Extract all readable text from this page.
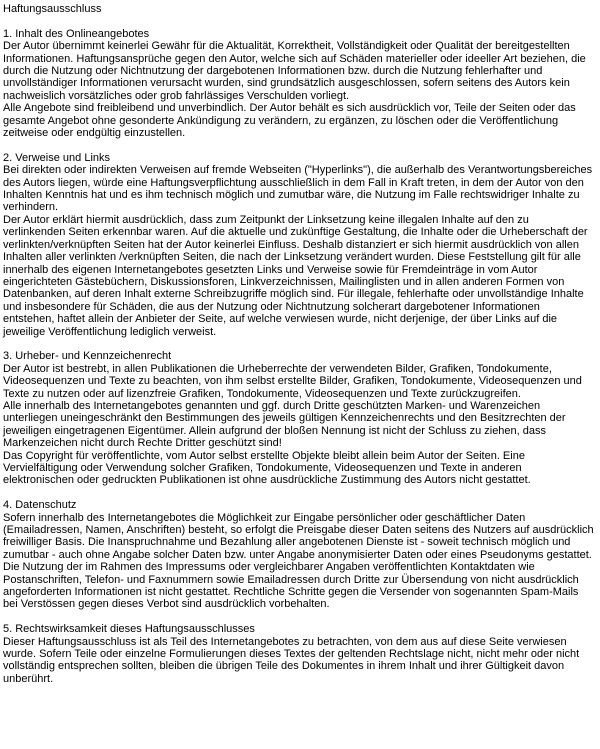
Haftungsausschluss
1. Inhalt des Onlineangebotes

Der Autor übernimmt keinerlei Gewähr für die Aktualität, Korrektheit, Vollständigkeit oder Qualität der bereitgestellten Informationen. Haftungsansprüche gegen den Autor, welche sich auf Schäden materieller oder ideeller Art beziehen, die durch die Nutzung oder Nichtnutzung der dargebotenen Informationen bzw. durch die Nutzung fehlerhafter und unvollständiger Informationen verursacht wurden, sind grundsätzlich ausgeschlossen, sofern seitens des Autors kein nachweislich vorsätzliches oder grob fahrlässiges Verschulden vorliegt.

Alle Angebote sind freibleibend und unverbindlich. Der Autor behält es sich ausdrücklich vor, Teile der Seiten oder das gesamte Angebot ohne gesonderte Ankündigung zu verändern, zu ergänzen, zu löschen oder die Veröffentlichung zeitweise oder endgültig einzustellen.

2. Verweise und Links

Bei direkten oder indirekten Verweisen auf fremde Webseiten ("Hyperlinks"), die außerhalb des Verantwortungsbereiches des Autors liegen, würde eine Haftungsverpflichtung ausschließlich in dem Fall in Kraft treten, in dem der Autor von den Inhalten Kenntnis hat und es ihm technisch möglich und zumutbar wäre, die Nutzung im Falle rechtswidriger Inhalte zu verhindern.

Der Autor erklärt hiermit ausdrücklich, dass zum Zeitpunkt der Linksetzung keine illegalen Inhalte auf den zu verlinkenden Seiten erkennbar waren. Auf die aktuelle und zukünftige Gestaltung, die Inhalte oder die Urheberschaft der verlinkten/verknüpften Seiten hat der Autor keinerlei Einfluss. Deshalb distanziert er sich hiermit ausdrücklich von allen Inhalten aller verlinkten /verknüpften Seiten, die nach der Linksetzung verändert wurden. Diese Feststellung gilt für alle innerhalb des eigenen Internetangebotes gesetzten Links und Verweise sowie für Fremdeinträge in vom Autor eingerichteten Gästebüchern, Diskussionsforen, Linkverzeichnissen, Mailinglisten und in allen anderen Formen von Datenbanken, auf deren Inhalt externe Schreibzugriffe möglich sind. Für illegale, fehlerhafte oder unvollständige Inhalte und insbesondere für Schäden, die aus der Nutzung oder Nichtnutzung solcherart dargebotener Informationen entstehen, haftet allein der Anbieter der Seite, auf welche verwiesen wurde, nicht derjenige, der über Links auf die jeweilige Veröffentlichung lediglich verweist.

3. Urheber- und Kennzeichenrecht

Der Autor ist bestrebt, in allen Publikationen die Urheberrechte der verwendeten Bilder, Grafiken, Tondokumente, Videosequenzen und Texte zu beachten, von ihm selbst erstellte Bilder, Grafiken, Tondokumente, Videosequenzen und Texte zu nutzen oder auf lizenzfreie Grafiken, Tondokumente, Videosequenzen und Texte zurückzugreifen.

Alle innerhalb des Internetangebotes genannten und ggf. durch Dritte geschützten Marken- und Warenzeichen unterliegen uneingeschränkt den Bestimmungen des jeweils gültigen Kennzeichenrechts und den Besitzrechten der jeweiligen eingetragenen Eigentümer. Allein aufgrund der bloßen Nennung ist nicht der Schluss zu ziehen, dass Markenzeichen nicht durch Rechte Dritter geschützt sind!

Das Copyright für veröffentlichte, vom Autor selbst erstellte Objekte bleibt allein beim Autor der Seiten. Eine Vervielfältigung oder Verwendung solcher Grafiken, Tondokumente, Videosequenzen und Texte in anderen elektronischen oder gedruckten Publikationen ist ohne ausdrückliche Zustimmung des Autors nicht gestattet.

4. Datenschutz

Sofern innerhalb des Internetangebotes die Möglichkeit zur Eingabe persönlicher oder geschäftlicher Daten (Emailadressen, Namen, Anschriften) besteht, so erfolgt die Preisgabe dieser Daten seitens des Nutzers auf ausdrücklich freiwilliger Basis. Die Inanspruchnahme und Bezahlung aller angebotenen Dienste ist - soweit technisch möglich und zumutbar - auch ohne Angabe solcher Daten bzw. unter Angabe anonymisierter Daten oder eines Pseudonyms gestattet. Die Nutzung der im Rahmen des Impressums oder vergleichbarer Angaben veröffentlichten Kontaktdaten wie Postanschriften, Telefon- und Faxnummern sowie Emailadressen durch Dritte zur Übersendung von nicht ausdrücklich angeforderten Informationen ist nicht gestattet. Rechtliche Schritte gegen die Versender von sogenannten Spam-Mails bei Verstössen gegen dieses Verbot sind ausdrücklich vorbehalten.

5. Rechtswirksamkeit dieses Haftungsausschlusses

Dieser Haftungsausschluss ist als Teil des Internetangebotes zu betrachten, von dem aus auf diese Seite verwiesen wurde. Sofern Teile oder einzelne Formulierungen dieses Textes der geltenden Rechtslage nicht, nicht mehr oder nicht vollständig entsprechen sollten, bleiben die übrigen Teile des Dokumentes in ihrem Inhalt und ihrer Gültigkeit davon unberührt.
